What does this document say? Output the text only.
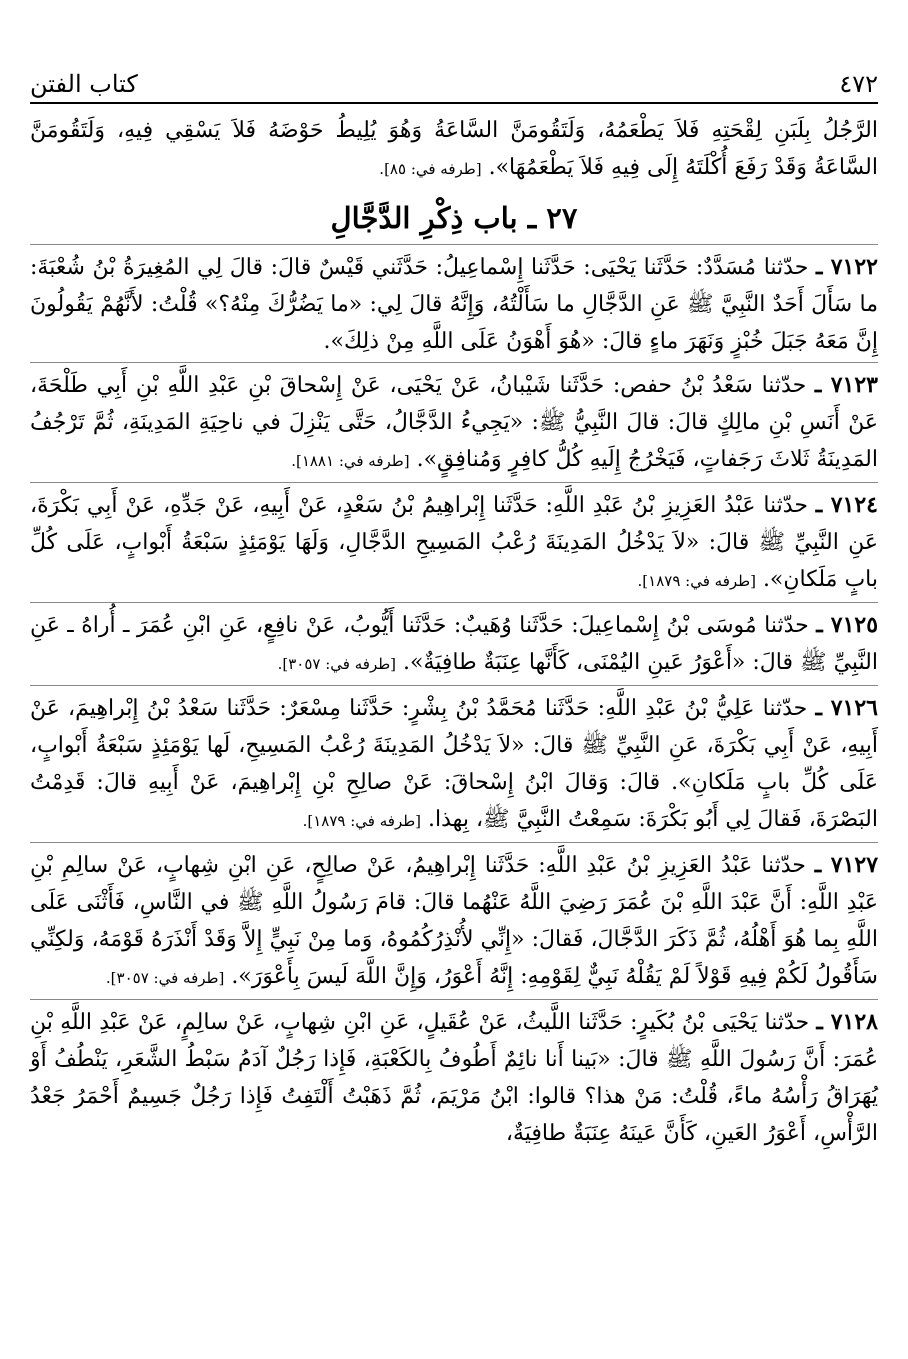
كتاب الفتن	٤٧٢

الرَّجُلُ بِلَبَنِ لِقْحَتِهِ فَلاَ يَطْعَمُهُ، وَلَتَقُومَنَّ السَّاعَةُ وَهُوَ يُلِيطُ حَوْضَهُ فَلاَ يَسْقِي فِيهِ، وَلَتَقُومَنَّ السَّاعَةُ وَقَدْ رَفَعَ أُكْلَتَهُ إِلَى فِيهِ فَلاَ يَطْعَمُهَا». [طرفه في: ٨٥].

٢٧ ـ باب ذِكْرِ الدَّجَّالِ

٧١٢٢ ـ حدّثنا مُسَدَّدٌ: حَدَّثَنا يَحْيَى: حَدَّثَنا إِسْماعِيلُ: حَدَّثَني قَيْسٌ قالَ: قالَ لِي المُغِيرَةُ بْنُ شُعْبَةَ: ما سَأَلَ أَحَدٌ النَّبِيَّ ﷺ عَنِ الدَّجَّالِ ما سَأَلْتُهُ، وَإِنَّهُ قالَ لِي: «ما يَضُرُّكَ مِنْهُ؟» قُلْتُ: لأَنَّهُمْ يَقُولُونَ إِنَّ مَعَهُ جَبَلَ خُبْزٍ وَنَهَرَ ماءٍ قالَ: «هُوَ أَهْوَنُ عَلَى اللَّهِ مِنْ ذلِكَ».

٧١٢٣ ـ حدّثنا سَعْدُ بْنُ حفص: حَدَّثَنا شَيْبانُ، عَنْ يَحْيَى، عَنْ إِسْحاقَ بْنِ عَبْدِ اللَّهِ بْنِ أَبِي طَلْحَةَ، عَنْ أَنَسِ بْنِ مالِكٍ قالَ: قالَ النَّبِيُّ ﷺ: «يَجِيءُ الدَّجَّالُ، حَتَّى يَنْزِلَ في ناحِيَةِ المَدِينَةِ، ثُمَّ تَرْجُفُ المَدِينَةُ ثَلاثَ رَجَفاتٍ، فَيَخْرُجُ إِلَيهِ كُلُّ كافِرٍ وَمُنافِقٍ». [طرفه في: ١٨٨١].

٧١٢٤ ـ حدّثنا عَبْدُ العَزِيزِ بْنُ عَبْدِ اللَّهِ: حَدَّثَنا إِبْراهِيمُ بْنُ سَعْدٍ، عَنْ أَبِيهِ، عَنْ جَدِّهِ، عَنْ أَبِي بَكْرَةَ، عَنِ النَّبِيِّ ﷺ قالَ: «لاَ يَدْخُلُ المَدِينَةَ رُعْبُ المَسِيحِ الدَّجَّالِ، وَلَهَا يَوْمَئِذٍ سَبْعَةُ أَبْوابٍ، عَلَى كُلِّ بابٍ مَلَكانِ». [طرفه في: ١٨٧٩].

٧١٢٥ ـ حدّثنا مُوسَى بْنُ إِسْماعِيلَ: حَدَّثَنا وُهَيبٌ: حَدَّثَنا أَيُّوبُ، عَنْ نافِعٍ، عَنِ ابْنِ عُمَرَ ـ أُراهُ ـ عَنِ النَّبِيِّ ﷺ قالَ: «أَعْوَرُ عَينِ اليُمْنَى، كَأَنَّها عِنَبَةٌ طافِيَةٌ». [طرفه في: ٣٠٥٧].

٧١٢٦ ـ حدّثنا عَلِيُّ بْنُ عَبْدِ اللَّهِ: حَدَّثَنا مُحَمَّدُ بْنُ بِشْرٍ: حَدَّثَنا مِسْعَرٌ: حَدَّثَنا سَعْدُ بْنُ إِبْراهِيمَ، عَنْ أَبِيهِ، عَنْ أَبِي بَكْرَةَ، عَنِ النَّبِيِّ ﷺ قالَ: «لاَ يَدْخُلُ المَدِينَةَ رُعْبُ المَسِيحِ، لَها يَوْمَئِذٍ سَبْعَةُ أَبْوابٍ، عَلَى كُلِّ بابٍ مَلَكانِ». قالَ: وَقالَ ابْنُ إِسْحاقَ: عَنْ صالِحِ بْنِ إِبْراهِيمَ، عَنْ أَبِيهِ قالَ: قَدِمْتُ البَصْرَةَ، فَقالَ لِي أَبُو بَكْرَةَ: سَمِعْتُ النَّبِيَّ ﷺ، بِهذا. [طرفه في: ١٨٧٩].

٧١٢٧ ـ حدّثنا عَبْدُ العَزِيزِ بْنُ عَبْدِ اللَّهِ: حَدَّثَنا إِبْراهِيمُ، عَنْ صالِحٍ، عَنِ ابْنِ شِهابٍ، عَنْ سالِمِ بْنِ عَبْدِ اللَّهِ: أَنَّ عَبْدَ اللَّهِ بْنَ عُمَرَ رَضِيَ اللَّهُ عَنْهُما قالَ: قامَ رَسُولُ اللَّهِ ﷺ في النَّاسِ، فَأَثْنَى عَلَى اللَّهِ بِما هُوَ أَهْلُهُ، ثُمَّ ذَكَرَ الدَّجَّالَ، فَقالَ: «إِنِّي لأُنْذِرُكُمُوهُ، وَما مِنْ نَبِيٍّ إِلاَّ وَقَدْ أَنْذَرَهُ قَوْمَهُ، وَلكِنِّي سَأَقُولُ لَكُمْ فِيهِ قَوْلاً لَمْ يَقُلْهُ نَبِيٌّ لِقَوْمِهِ: إِنَّهُ أَعْوَرُ، وَإِنَّ اللَّهَ لَيسَ بِأَعْوَرَ». [طرفه في: ٣٠٥٧].

٧١٢٨ ـ حدّثنا يَحْيَى بْنُ بُكَيرٍ: حَدَّثَنا اللَّيثُ، عَنْ عُقَيلٍ، عَنِ ابْنِ شِهابٍ، عَنْ سالِمٍ، عَنْ عَبْدِ اللَّهِ بْنِ عُمَرَ: أَنَّ رَسُولَ اللَّهِ ﷺ قالَ: «بَينا أَنا نائِمٌ أَطُوفُ بِالكَعْبَةِ، فَإِذا رَجُلٌ آدَمُ سَبْطُ الشَّعَرِ، يَنْطُفُ أَوْ يُهَرَاقُ رَأْسُهُ ماءً، قُلْتُ: مَنْ هذا؟ قالوا: ابْنُ مَرْيَمَ، ثُمَّ ذَهَبْتُ أَلْتَفِتُ فَإِذا رَجُلٌ جَسِيمٌ أَحْمَرُ جَعْدُ الرَّأْسِ، أَعْوَرُ العَينِ، كَأَنَّ عَينَهُ عِنَبَةٌ طافِيَةٌ،
